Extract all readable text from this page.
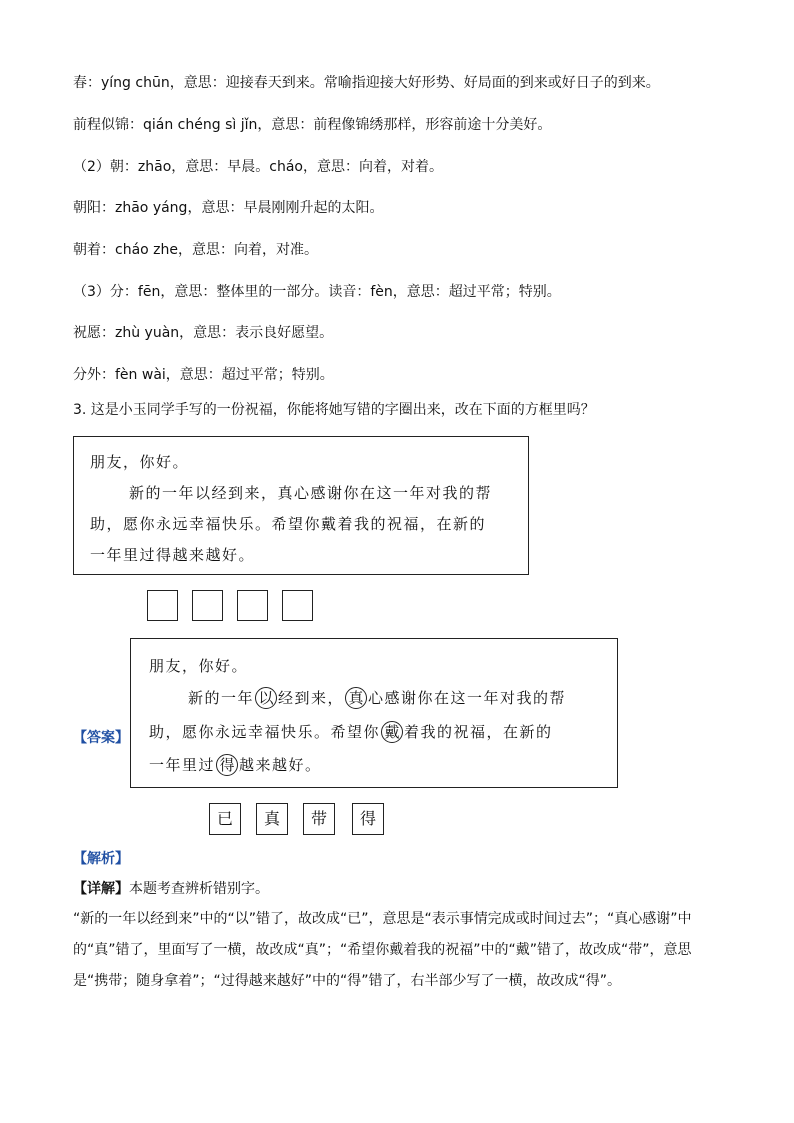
春：yíng chūn，意思：迎接春天到来。常喻指迎接大好形势、好局面的到来或好日子的到来。
前程似锦：qián chéng sì jǐn，意思：前程像锦绣那样，形容前途十分美好。
（2）朝：zhāo，意思：早晨。cháo，意思：向着，对着。
朝阳：zhāo yáng，意思：早晨刚刚升起的太阳。
朝着：cháo zhe，意思：向着，对准。
（3）分：fēn，意思：整体里的一部分。读音：fèn，意思：超过平常；特别。
祝愿：zhù yuàn，意思：表示良好愿望。
分外：fèn wài，意思：超过平常；特别。
3. 这是小玉同学手写的一份祝福，你能将她写错的字圈出来，改在下面的方框里吗？
朋友，你好。
新的一年以经到来，真心感谢你在这一年对我的帮
助，愿你永远幸福快乐。希望你戴着我的祝福，在新的
一年里过得越来越好。
【答案】
朋友，你好。
新的一年 以 经到来， 真 心感谢你在这一年对我的帮
助，愿你永远幸福快乐。希望你 戴 着我的祝福，在新的
一年里过 得 越来越好。
已	真	带	得
【解析】
【详解】本题考查辨析错别字。
“新的一年以经到来”中的“以”错了，故改成“已”，意思是“表示事情完成或时间过去”；“真心感谢”中的“真”错了，里面写了一横，故改成“真”；“希望你戴着我的祝福”中的“戴”错了，故改成“带”，意思是“携带；随身拿着”；“过得越来越好”中的“得”错了，右半部少写了一横，故改成“得”。
